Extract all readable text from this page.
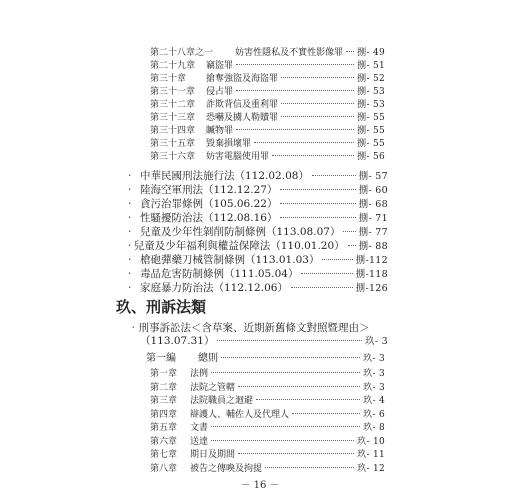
第二十八章之一	妨害性隱私及不實性影像罪 捌- 49
第二十九章	竊盜罪	捌- 51
第三十章	搶奪強盜及海盜罪	捌- 52
第三十一章	侵占罪	捌- 53
第三十二章	詐欺背信及重利罪	捌- 53
第三十三章	恐嚇及擄人勒贖罪	捌- 55
第三十四章	贓物罪	捌- 55
第三十五章	毀棄損壞罪	捌- 55
第三十六章	妨害電腦使用罪	捌- 56
‧ 中華民國刑法施行法（112.02.08）	捌- 57
‧ 陸海空軍刑法（112.12.27）	捌- 60
‧ 貪污治罪條例（105.06.22）	捌- 68
‧ 性騷擾防治法（112.08.16）	捌- 71
‧ 兒童及少年性剝削防制條例（113.08.07） 捌- 77
‧ 兒童及少年福利與權益保障法（110.01.20） 捌- 88
‧ 槍砲彈藥刀械管制條例（113.01.03）	捌-112
‧ 毒品危害防制條例（111.05.04）	捌-118
‧ 家庭暴力防治法（112.12.06）	捌-126
玖、刑訴法類
‧刑事訴訟法＜含草案、近期新舊條文對照暨理由＞
（113.07.31）	玖- 3
第一編	總則	玖- 3
第一章	法例	玖- 3
第二章	法院之管轄	玖- 3
第三章	法院職員之迴避	玖- 4
第四章	辯護人、輔佐人及代理人	玖- 6
第五章	文書	玖- 8
第六章	送達	玖- 10
第七章	期日及期間	玖- 11
第八章	被告之傳喚及拘提	玖- 12
－ 16 －
